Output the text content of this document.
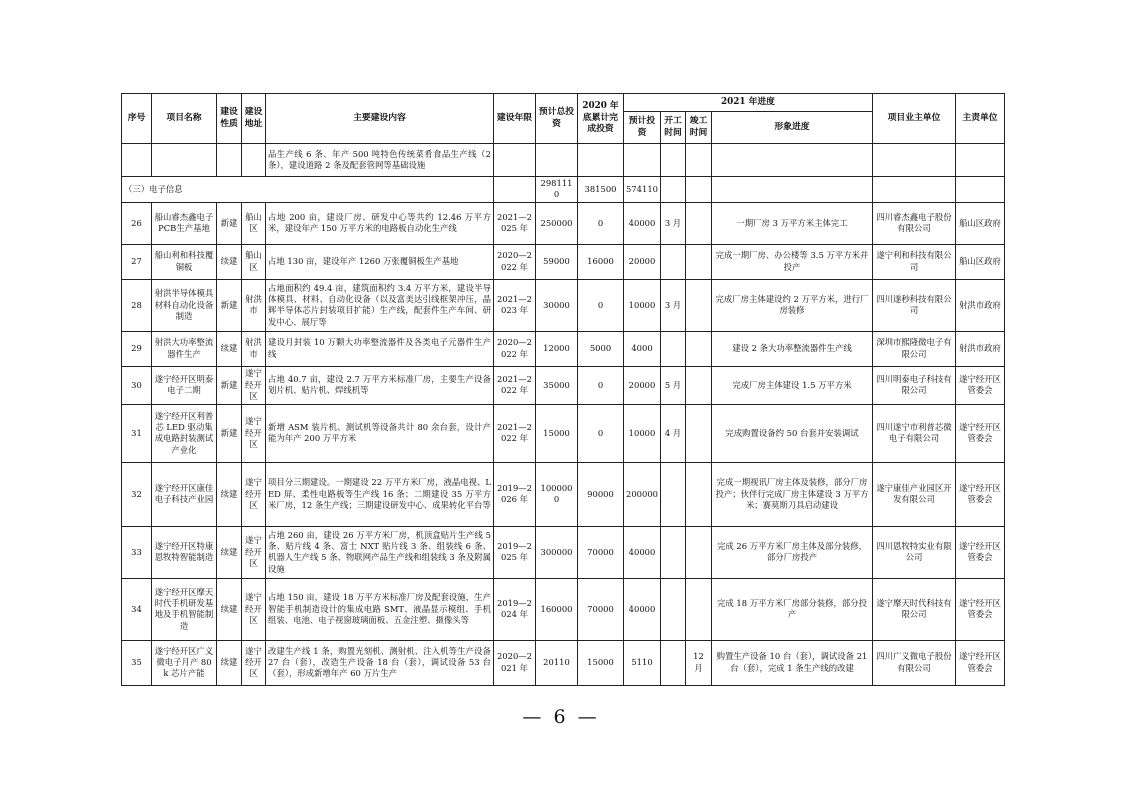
序号	项目名称	建设性质	建设地址	主要建设内容	建设年限	预计总投资	2020 年底累计完成投资	2021 年进度				项目业主单位	主责单位
								预计投资	开工时间	竣工时间	形象进度		
				品生产线 6 条、年产 500 吨特色传统菜肴食品生产线（2 条），建设道路 2 条及配套管网等基础设施									
（三）电子信息						2981110	381500	574110					
26	船山睿杰鑫电子PCB生产基地	新建	船山区	占地 200 亩，建设厂房、研发中心等共约 12.46 万平方米，建设年产 150 万平方米的电路板自动化生产线	2021—2025 年	250000	0	40000	3 月		一期厂房 3 万平方米主体完工	四川睿杰鑫电子股份有限公司	船山区政府
27	船山利和科技覆铜板	续建	船山区	占地 130 亩，建设年产 1260 万张覆铜板生产基地	2020—2022 年	59000	16000	20000			完成一期厂房、办公楼等 3.5 万平方米并投产	遂宁利和科技有限公司	船山区政府
28	射洪半导体模具材料自动化设备制造	新建	射洪市	占地面积约 49.4 亩，建筑面积约 3.4 万平方米，建设半导体模具、材料、自动化设备（以及富美达引线框架冲压，晶辉半导体芯片封装项目扩能）生产线，配套件生产车间、研发中心、展厅等	2021—2023 年	30000	0	10000	3 月		完成厂房主体建设约 2 万平方米，进行厂房装修	四川遂秒科技有限公司	射洪市政府
29	射洪大功率整流器件生产	续建	射洪市	建设月封装 10 万颗大功率整流器件及各类电子元器件生产线	2020—2022 年	12000	5000	4000			建设 2 条大功率整流器件生产线	深圳市熙隆微电子有限公司	射洪市政府
30	遂宁经开区明泰电子二期	新建	遂宁经开区	占地 40.7 亩，建设 2.7 万平方米标准厂房，主要生产设备划片机、贴片机、焊线机等	2021—2022 年	35000	0	20000	5 月		完成厂房主体建设 1.5 万平方米	四川明泰电子科技有限公司	遂宁经开区管委会
31	遂宁经开区利普芯 LED 驱动集成电路封装测试产业化	新建	遂宁经开区	新增 ASM 装片机、测试机等设备共计 80 余台套，设计产能为年产 200 万平方米	2021—2022 年	15000	0	10000	4 月		完成购置设备约 50 台套并安装调试	四川遂宁市利普芯微电子有限公司	遂宁经开区管委会
32	遂宁经开区康佳电子科技产业园	续建	遂宁经开区	项目分三期建设。一期建设 22 万平方米厂房，液晶电视、LED 屏、柔性电路板等生产线 16 条；二期建设 35 万平方米厂房，12 条生产线；三期建设研发中心、成果转化平台等	2019—2026 年	1000000	90000	200000			完成一期视讯厂房主体及装修，部分厂房投产；伙伴行完成厂房主体建设 3 万平方米；赛莫斯刀具启动建设	遂宁康佳产业园区开发有限公司	遂宁经开区管委会
33	遂宁经开区特康恩牧特智能制造	续建	遂宁经开区	占地 260 亩，建设 26 万平方米厂房，机顶盒贴片生产线 5 条、贴片线 4 条、富士 NXT 贴片线 3 条、组装线 6 条、机器人生产线 5 条、物联网产品生产线和组装线 3 条及附属设施	2019—2025 年	300000	70000	40000			完成 26 万平方米厂房主体及部分装修，部分厂房投产	四川恩牧特实业有限公司	遂宁经开区管委会
34	遂宁经开区摩天时代手机研发基地及手机智能制造	续建	遂宁经开区	占地 150 亩，建设 18 万平方米标准厂房及配套设施，生产智能手机制造设计的集成电路 SMT、液晶显示模组、手机组装、电池、电子视窗玻璃面板、五金注塑、摄像头等	2019—2024 年	160000	70000	40000			完成 18 万平方米厂房部分装修，部分投产	遂宁摩天时代科技有限公司	遂宁经开区管委会
35	遂宁经开区广义微电子月产 80k 芯片产能	续建	遂宁经开区	改建生产线 1 条，购置光刻机、测射机、注入机等生产设备 27 台（套），改造生产设备 18 台（套），调试设备 53 台（套），形成新增年产 60 万片生产	2020—2021 年	20110	15000	5110		12 月	购置生产设备 10 台（套），调试设备 21 台（套），完成 1 条生产线的改建	四川广义微电子股份有限公司	遂宁经开区管委会
— 6 —
